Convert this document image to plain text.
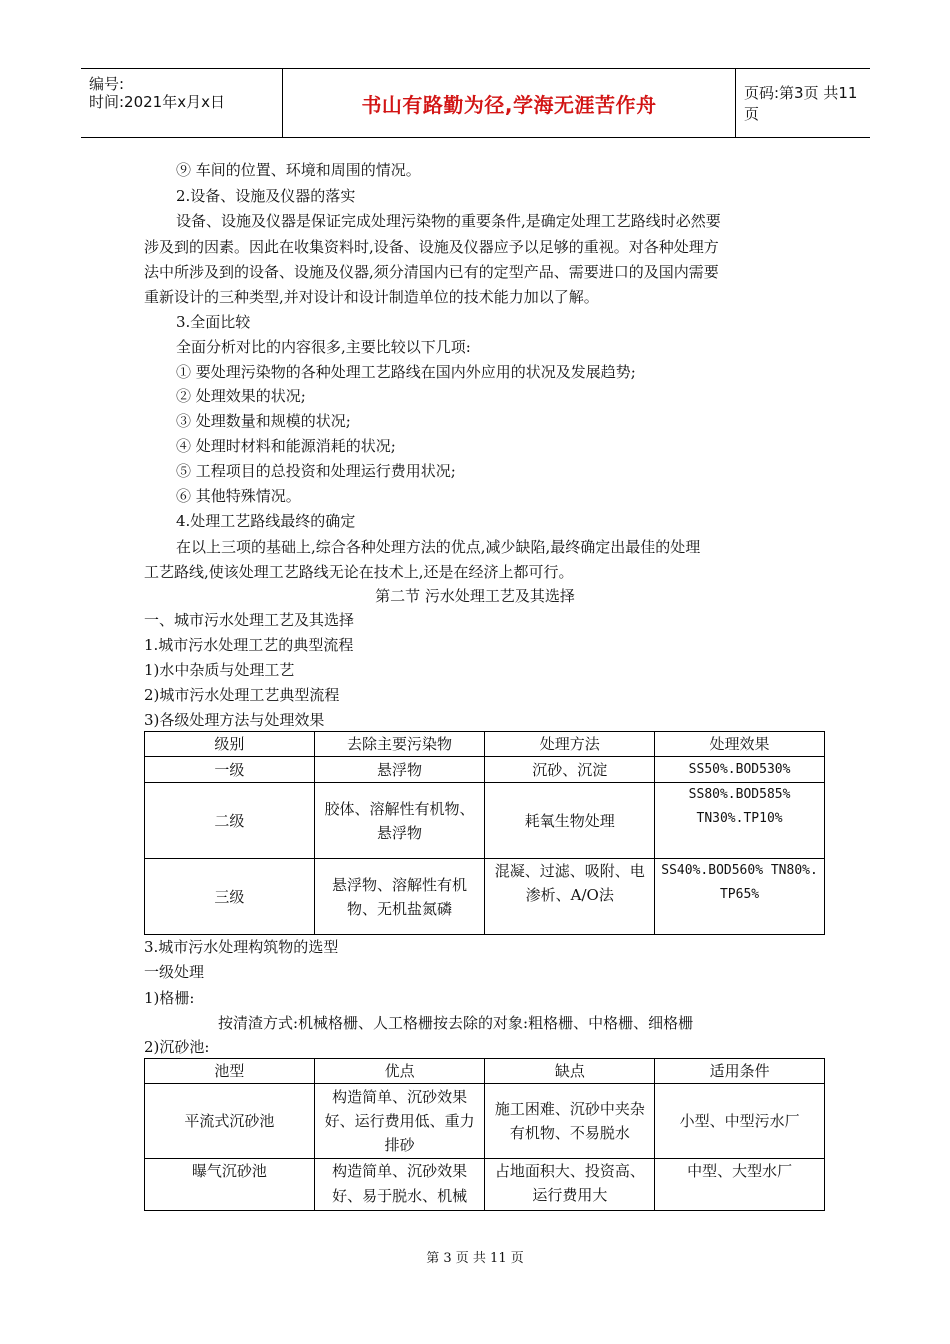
编号:
时间:2021年x月x日	书山有路勤为径,学海无涯苦作舟	页码:第3页 共11页
⑨ 车间的位置、环境和周围的情况。
2.设备、设施及仪器的落实
设备、设施及仪器是保证完成处理污染物的重要条件,是确定处理工艺路线时必然要
涉及到的因素。因此在收集资料时,设备、设施及仪器应予以足够的重视。对各种处理方
法中所涉及到的设备、设施及仪器,须分清国内已有的定型产品、需要进口的及国内需要
重新设计的三种类型,并对设计和设计制造单位的技术能力加以了解。
3.全面比较
全面分析对比的内容很多,主要比较以下几项:
① 要处理污染物的各种处理工艺路线在国内外应用的状况及发展趋势;
② 处理效果的状况;
③ 处理数量和规模的状况;
④ 处理时材料和能源消耗的状况;
⑤ 工程项目的总投资和处理运行费用状况;
⑥ 其他特殊情况。
4.处理工艺路线最终的确定
在以上三项的基础上,综合各种处理方法的优点,减少缺陷,最终确定出最佳的处理
工艺路线,使该处理工艺路线无论在技术上,还是在经济上都可行。
第二节 污水处理工艺及其选择
一、城市污水处理工艺及其选择
1.城市污水处理工艺的典型流程
1)水中杂质与处理工艺
2)城市污水处理工艺典型流程
3)各级处理方法与处理效果
级别	去除主要污染物	处理方法	处理效果
一级	悬浮物	沉砂、沉淀	SS50%.BOD530%
二级	胶体、溶解性有机物、悬浮物	耗氧生物处理	SS80%.BOD585% TN30%.TP10%
三级	悬浮物、溶解性有机物、无机盐氮磷	混凝、过滤、吸附、电渗析、A/O法	SS40%.BOD560% TN80%. TP65%
3.城市污水处理构筑物的选型
一级处理
1)格栅:
按清渣方式:机械格栅、人工格栅按去除的对象:粗格栅、中格栅、细格栅
2)沉砂池:
池型	优点	缺点	适用条件
平流式沉砂池	构造简单、沉砂效果好、运行费用低、重力排砂	施工困难、沉砂中夹杂有机物、不易脱水	小型、中型污水厂
曝气沉砂池	构造简单、沉砂效果好、易于脱水、机械	占地面积大、投资高、运行费用大	中型、大型水厂
第 3 页 共 11 页
